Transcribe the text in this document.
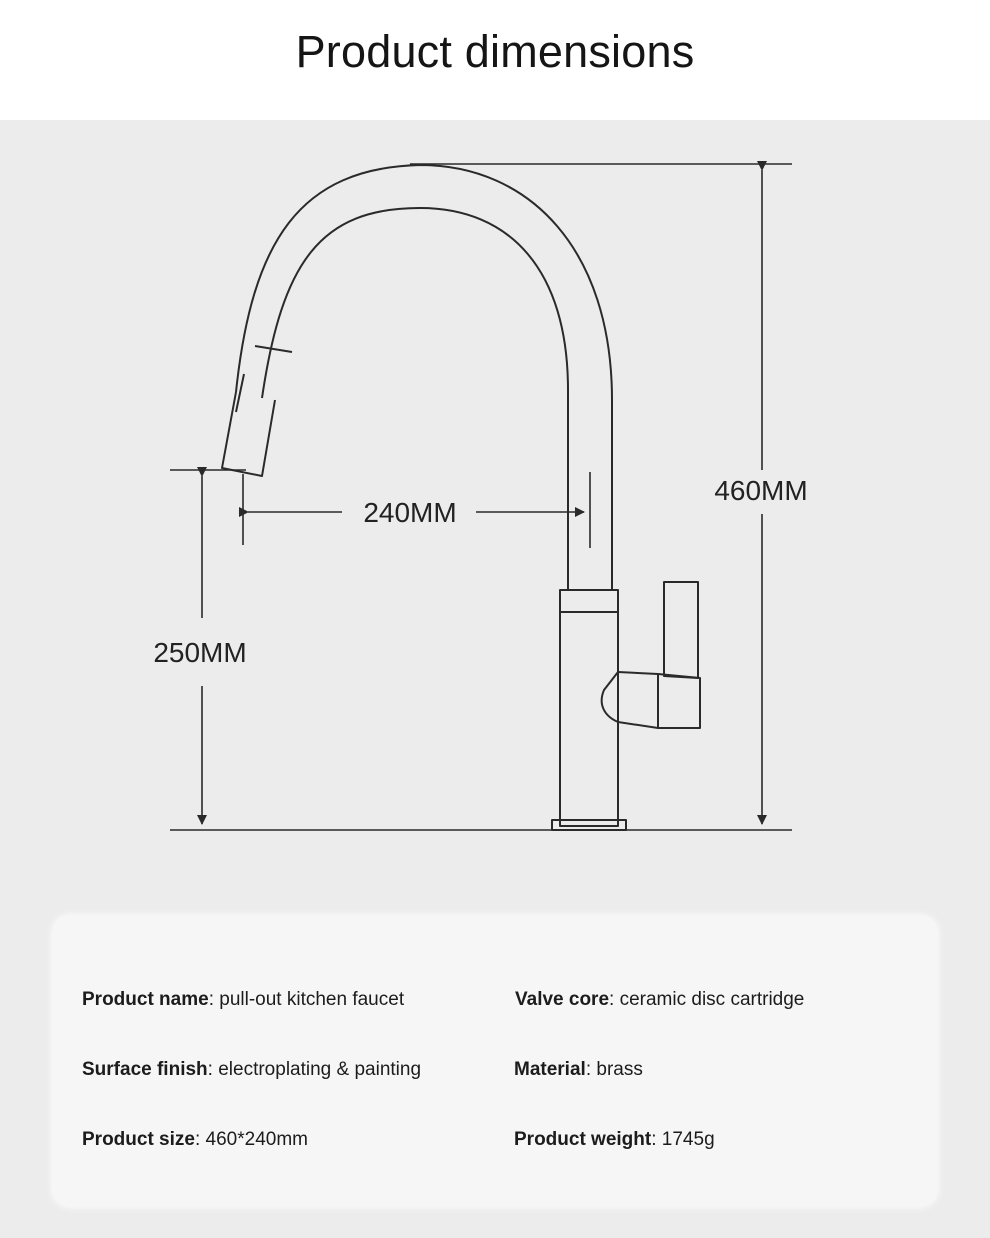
Product dimensions
460MM
240MM
250MM
Product name: pull-out kitchen faucet	Valve core: ceramic disc cartridge
Surface finish: electroplating & painting	Material: brass
Product size: 460*240mm	Product weight: 1745g
